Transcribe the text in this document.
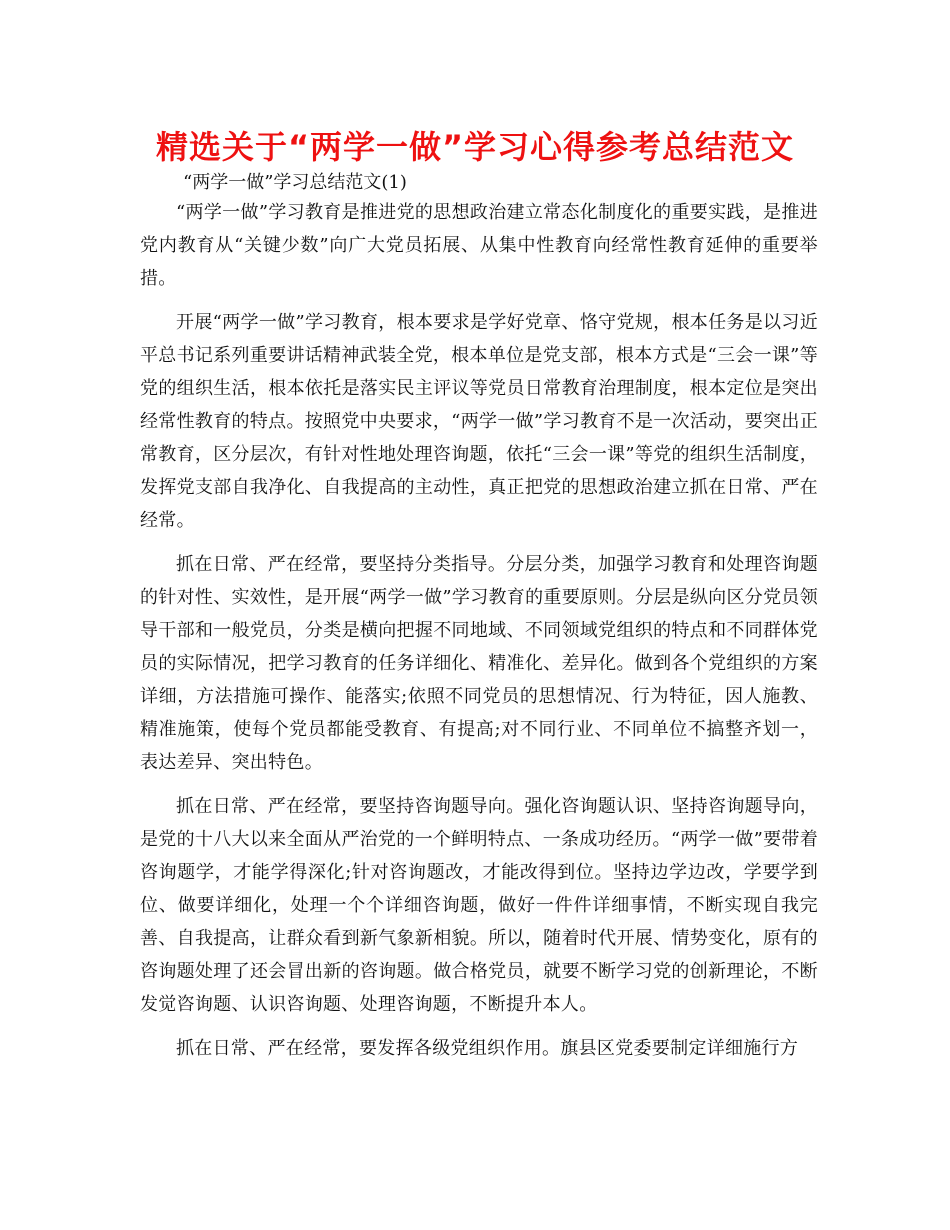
精选关于“两学一做”学习心得参考总结范文

“两学一做”学习总结范文(1)

“两学一做”学习教育是推进党的思想政治建立常态化制度化的重要实践，是推进党内教育从“关键少数”向广大党员拓展、从集中性教育向经常性教育延伸的重要举措。

开展“两学一做”学习教育，根本要求是学好党章、恪守党规，根本任务是以习近平总书记系列重要讲话精神武装全党，根本单位是党支部，根本方式是“三会一课”等党的组织生活，根本依托是落实民主评议等党员日常教育治理制度，根本定位是突出经常性教育的特点。按照党中央要求，“两学一做”学习教育不是一次活动，要突出正常教育，区分层次，有针对性地处理咨询题，依托“三会一课”等党的组织生活制度，发挥党支部自我净化、自我提高的主动性，真正把党的思想政治建立抓在日常、严在经常。

抓在日常、严在经常，要坚持分类指导。分层分类，加强学习教育和处理咨询题的针对性、实效性，是开展“两学一做”学习教育的重要原则。分层是纵向区分党员领导干部和一般党员，分类是横向把握不同地域、不同领域党组织的特点和不同群体党员的实际情况，把学习教育的任务详细化、精准化、差异化。做到各个党组织的方案详细，方法措施可操作、能落实;依照不同党员的思想情况、行为特征，因人施教、精准施策，使每个党员都能受教育、有提高;对不同行业、不同单位不搞整齐划一，表达差异、突出特色。

抓在日常、严在经常，要坚持咨询题导向。强化咨询题认识、坚持咨询题导向，是党的十八大以来全面从严治党的一个鲜明特点、一条成功经历。“两学一做”要带着咨询题学，才能学得深化;针对咨询题改，才能改得到位。坚持边学边改，学要学到位、做要详细化，处理一个个详细咨询题，做好一件件详细事情，不断实现自我完善、自我提高，让群众看到新气象新相貌。所以，随着时代开展、情势变化，原有的咨询题处理了还会冒出新的咨询题。做合格党员，就要不断学习党的创新理论，不断发觉咨询题、认识咨询题、处理咨询题，不断提升本人。

抓在日常、严在经常，要发挥各级党组织作用。旗县区党委要制定详细施行方
